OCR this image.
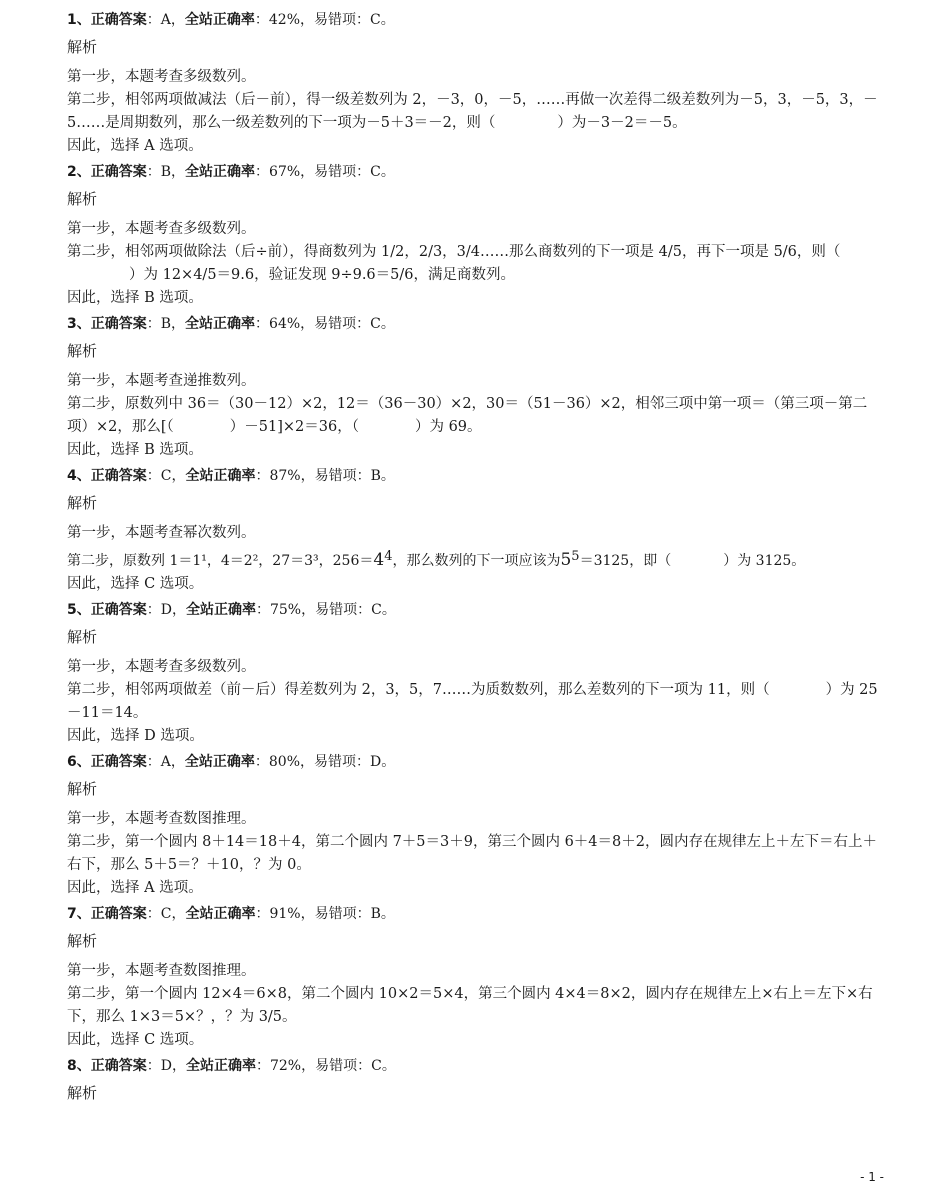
1、正确答案：A，全站正确率：42%，易错项：C。
解析

第一步，本题考查多级数列。

第二步，相邻两项做减法（后－前），得一级差数列为 2，－3，0，－5，……再做一次差得二级差数列为－5，3，－5，3，－5……是周期数列，那么一级差数列的下一项为－5＋3＝－2，则（	）为－3－2＝－5。

因此，选择 A 选项。

2、正确答案：B，全站正确率：67%，易错项：C。
解析

第一步，本题考查多级数列。

第二步，相邻两项做除法（后÷前），得商数列为 1/2，2/3，3/4……那么商数列的下一项是 4/5，再下一项是 5/6，则（）为 12×4/5＝9.6，验证发现 9÷9.6＝5/6，满足商数列。

因此，选择 B 选项。

3、正确答案：B，全站正确率：64%，易错项：C。
解析

第一步，本题考查递推数列。

第二步，原数列中 36＝（30－12）×2，12＝（36－30）×2，30＝（51－36）×2，相邻三项中第一项＝（第三项－第二项）×2，那么[（	）－51]×2＝36，（	）为 69。

因此，选择 B 选项。

4、正确答案：C，全站正确率：87%，易错项：B。
解析

第一步，本题考查幂次数列。

第二步，原数列 1＝1¹，4＝2²，27＝3³，$256=4^4$，那么数列的下一项应该为$5^5=3125$，即（	）为 3125。

因此，选择 C 选项。

5、正确答案：D，全站正确率：75%，易错项：C。
解析

第一步，本题考查多级数列。

第二步，相邻两项做差（前－后）得差数列为 2，3，5，7……为质数数列，那么差数列的下一项为 11，则（	）为 25－11＝14。

因此，选择 D 选项。

6、正确答案：A，全站正确率：80%，易错项：D。
解析

第一步，本题考查数图推理。

第二步，第一个圆内 8＋14＝18＋4，第二个圆内 7＋5＝3＋9，第三个圆内 6＋4＝8＋2，圆内存在规律左上＋左下＝右上＋右下，那么 5＋5＝？＋10，？为 0。

因此，选择 A 选项。

7、正确答案：C，全站正确率：91%，易错项：B。
解析

第一步，本题考查数图推理。

第二步，第一个圆内 12×4＝6×8，第二个圆内 10×2＝5×4，第三个圆内 4×4＝8×2，圆内存在规律左上×右上＝左下×右下，那么 1×3＝5×？，？为 3/5。

因此，选择 C 选项。

8、正确答案：D，全站正确率：72%，易错项：C。
解析
- 1 -
